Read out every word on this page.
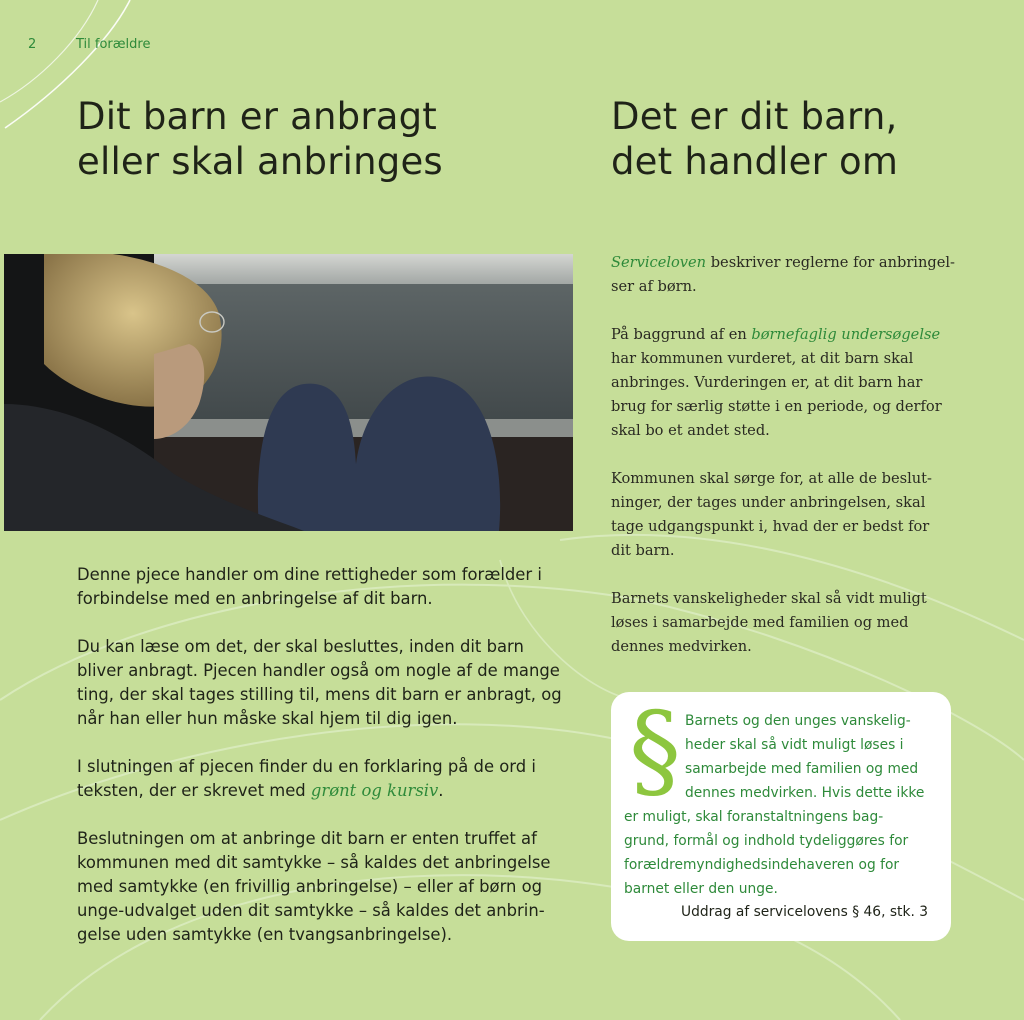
2	Til forældre
Dit barn er anbragt
eller skal anbringes
Det er dit barn,
det handler om

Denne pjece handler om dine rettigheder som forælder i
forbindelse med en anbringelse af dit barn.

Du kan læse om det, der skal besluttes, inden dit barn
bliver anbragt. Pjecen handler også om nogle af de mange
ting, der skal tages stilling til, mens dit barn er anbragt, og
når han eller hun måske skal hjem til dig igen.

I slutningen af pjecen finder du en forklaring på de ord i
teksten, der er skrevet med grønt og kursiv.

Beslutningen om at anbringe dit barn er enten truffet af
kommunen med dit samtykke – så kaldes det anbringelse
med samtykke (en frivillig anbringelse) – eller af børn og
unge-udvalget uden dit samtykke – så kaldes det anbrin-
gelse uden samtykke (en tvangsanbringelse).

Serviceloven beskriver reglerne for anbringel-
ser af børn.

På baggrund af en børnefaglig undersøgelse
har kommunen vurderet, at dit barn skal
anbringes. Vurderingen er, at dit barn har
brug for særlig støtte i en periode, og derfor
skal bo et andet sted.

Kommunen skal sørge for, at alle de beslut-
ninger, der tages under anbringelsen, skal
tage udgangspunkt i, hvad der er bedst for
dit barn.

Barnets vanskeligheder skal så vidt muligt
løses i samarbejde med familien og med
dennes medvirken.

§ Barnets og den unges vanskelig-
heder skal så vidt muligt løses i
samarbejde med familien og med
dennes medvirken. Hvis dette ikke
er muligt, skal foranstaltningens bag-
grund, formål og indhold tydeliggøres for
forældremyndighedsindehaveren og for
barnet eller den unge.
Uddrag af servicelovens § 46, stk. 3
